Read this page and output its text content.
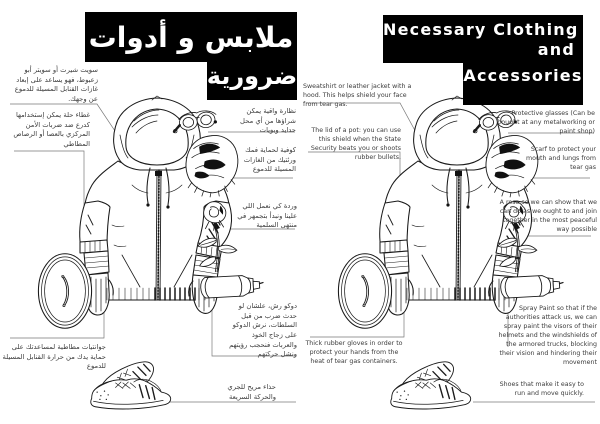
ملابس و أدوات
ضرورية

سويت شيرت أو سويتر أبو زعبوط، فهو يساعد على إبعاد غازات القنابل المسيلة للدموع عن وجهك.

غطاء حلة يمكن إستخدامها كدرع ضد ضربات الأمن المركزي بالعصا أو الرصاص المطاطي

جوانتيات مطاطية لمساعدتك على حماية يدك من حرارة القنابل المسيلة للدموع

نظارة واقية يمكن شراؤها من أي محل حدايد وبويات

كوفية لحماية فمك ورئتيك من الغازات المسيلة للدموع

وردة كي نعمل اللي علينا ونبدأ بتجمهر في منتهى السلمية

دوكو رش، علشان لو حدث ضرب من قبل السلطات، نرش الدوكو على زجاج الخوذ والعربات فنحجب رؤيتهم ونشل حركتهم

حذاء مريح للجري والحركة السريعة

Necessary Clothing
and
Accessories

Sweatshirt or leather jacket with a hood. This helps shield your face from tear gas.

The lid of a pot: you can use this shield when the State Security beats you or shoots rubber bullets.

Thick rubber gloves in order to protect your hands from the heat of tear gas containers.

Protective glasses (Can be bought at any metalworking or paint shop)

Scarf to protect your mouth and lungs from tear gas

A rose so we can show that we can do as we ought to and join together in the most peaceful way possible

Spray Paint so that if the authorities attack us, we can spray paint the visors of their helmets and the windshields of the armored trucks, blocking their vision and hindering their movement

Shoes that make it easy to run and move quickly.
